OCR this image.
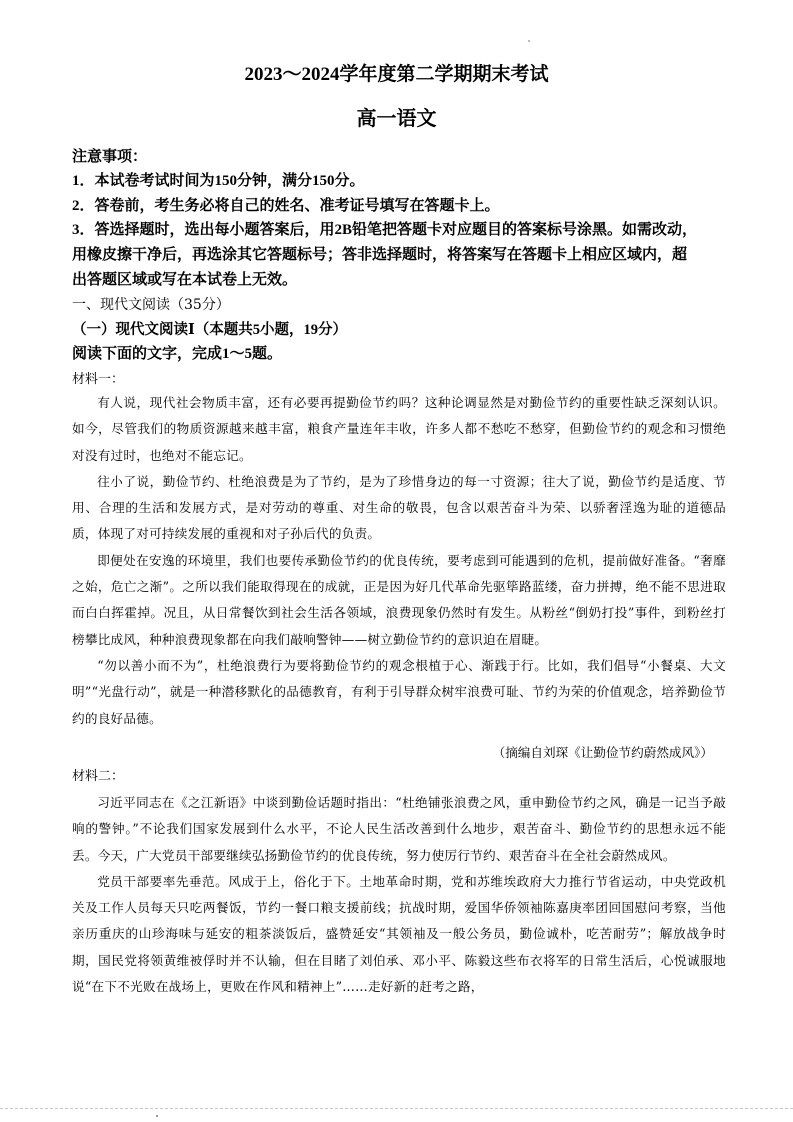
2023～2024学年度第二学期期末考试
高一语文
注意事项：
1．本试卷考试时间为150分钟，满分150分。
2．答卷前，考生务必将自己的姓名、准考证号填写在答题卡上。
3．答选择题时，选出每小题答案后，用2B铅笔把答题卡对应题目的答案标号涂黑。如需改动，
用橡皮擦干净后，再选涂其它答题标号；答非选择题时，将答案写在答题卡上相应区域内，超
出答题区域或写在本试卷上无效。
一、现代文阅读（35分）
（一）现代文阅读Ⅰ（本题共5小题，19分）
阅读下面的文字，完成1～5题。
材料一：

有人说，现代社会物质丰富，还有必要再提勤俭节约吗？这种论调显然是对勤俭节约的重要性缺乏深刻认识。如今，尽管我们的物质资源越来越丰富，粮食产量连年丰收，许多人都不愁吃不愁穿，但勤俭节约的观念和习惯绝对没有过时，也绝对不能忘记。

往小了说，勤俭节约、杜绝浪费是为了节约，是为了珍惜身边的每一寸资源；往大了说，勤俭节约是适度、节用、合理的生活和发展方式，是对劳动的尊重、对生命的敬畏，包含以艰苦奋斗为荣、以骄奢淫逸为耻的道德品质，体现了对可持续发展的重视和对子孙后代的负责。

即便处在安逸的环境里，我们也要传承勤俭节约的优良传统，要考虑到可能遇到的危机，提前做好准备。“奢靡之始，危亡之渐”。之所以我们能取得现在的成就，正是因为好几代革命先驱筚路蓝缕，奋力拼搏，绝不能不思进取而白白挥霍掉。况且，从日常餐饮到社会生活各领域，浪费现象仍然时有发生。从粉丝“倒奶打投”事件，到粉丝打榜攀比成风，种种浪费现象都在向我们敲响警钟——树立勤俭节约的意识迫在眉睫。

“勿以善小而不为”，杜绝浪费行为要将勤俭节约的观念根植于心、渐践于行。比如，我们倡导“小餐桌、大文明”“光盘行动”，就是一种潜移默化的品德教育，有利于引导群众树牢浪费可耻、节约为荣的价值观念，培养勤俭节约的良好品德。

（摘编自刘琛《让勤俭节约蔚然成风》）
材料二：

习近平同志在《之江新语》中谈到勤俭话题时指出：“杜绝铺张浪费之风，重申勤俭节约之风，确是一记当予敲响的警钟。”不论我们国家发展到什么水平，不论人民生活改善到什么地步，艰苦奋斗、勤俭节约的思想永远不能丢。今天，广大党员干部要继续弘扬勤俭节约的优良传统，努力使厉行节约、艰苦奋斗在全社会蔚然成风。

党员干部要率先垂范。风成于上，俗化于下。土地革命时期，党和苏维埃政府大力推行节省运动，中央党政机关及工作人员每天只吃两餐饭，节约一餐口粮支援前线；抗战时期，爱国华侨领袖陈嘉庚率团回国慰问考察，当他亲历重庆的山珍海味与延安的粗茶淡饭后，盛赞延安“其领袖及一般公务员，勤俭诚朴，吃苦耐劳”；解放战争时期，国民党将领黄维被俘时并不认输，但在目睹了刘伯承、邓小平、陈毅这些布衣将军的日常生活后，心悦诚服地说“在下不光败在战场上，更败在作风和精神上”……走好新的赶考之路，
